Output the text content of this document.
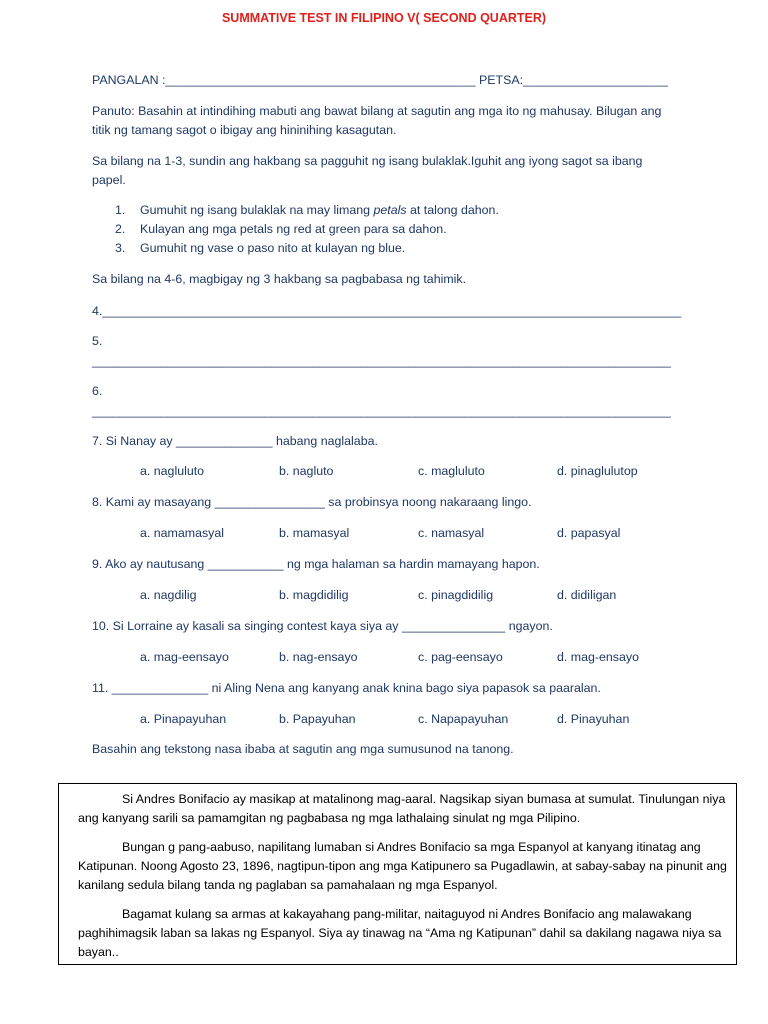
SUMMATIVE TEST IN FILIPINO V( SECOND QUARTER)
PANGALAN :_____________________________________________ PETSA:_____________________
Panuto: Basahin at intindihing mabuti ang bawat bilang at sagutin ang mga ito ng mahusay. Bilugan ang titik ng tamang sagot o ibigay ang hininihing kasagutan.
Sa bilang na 1-3, sundin ang hakbang sa pagguhit ng isang bulaklak.Iguhit ang iyong sagot sa ibang papel.
1. Gumuhit ng isang bulaklak na may limang petals at talong dahon.
2. Kulayan ang mga petals ng red at green para sa dahon.
3. Gumuhit ng vase o paso nito at kulayan ng blue.
Sa bilang na 4-6, magbigay ng 3 hakbang sa pagbabasa ng tahimik.
4.____________________________________________________________________________________
5.
____________________________________________________________________________________
6.
____________________________________________________________________________________
7. Si Nanay ay ______________ habang naglalaba.
a. nagluluto	b. nagluto	c. magluluto	d. pinaglulutop
8. Kami ay masayang ________________ sa probinsya noong nakaraang lingo.
a. namamasyal	b. mamasyal	c. namasyal	d. papasyal
9. Ako ay nautusang ___________ ng mga halaman sa hardin mamayang hapon.
a. nagdilig	b. magdidilig	c. pinagdidilig	d. didiligan
10. Si Lorraine ay kasali sa singing contest kaya siya ay _______________ ngayon.
a. mag-eensayo	b. nag-ensayo	c. pag-eensayo	d. mag-ensayo
11. ______________ ni Aling Nena ang kanyang anak knina bago siya papasok sa paaralan.
a. Pinapayuhan	b. Papayuhan	c. Napapayuhan	d. Pinayuhan
Basahin ang tekstong nasa ibaba at sagutin ang mga sumusunod na tanong.

Si Andres Bonifacio ay masikap at matalinong mag-aaral. Nagsikap siyan bumasa at sumulat. Tinulungan niya ang kanyang sarili sa pamamgitan ng pagbabasa ng mga lathalaing sinulat ng mga Pilipino.

Bungan g pang-aabuso, napilitang lumaban si Andres Bonifacio sa mga Espanyol at kanyang itinatag ang Katipunan. Noong Agosto 23, 1896, nagtipun-tipon ang mga Katipunero sa Pugadlawin, at sabay-sabay na pinunit ang kanilang sedula bilang tanda ng paglaban sa pamahalaan ng mga Espanyol.

Bagamat kulang sa armas at kakayahang pang-militar, naitaguyod ni Andres Bonifacio ang malawakang paghihimagsik laban sa lakas ng Espanyol. Siya ay tinawag na “Ama ng Katipunan” dahil sa dakilang nagawa niya sa bayan..
